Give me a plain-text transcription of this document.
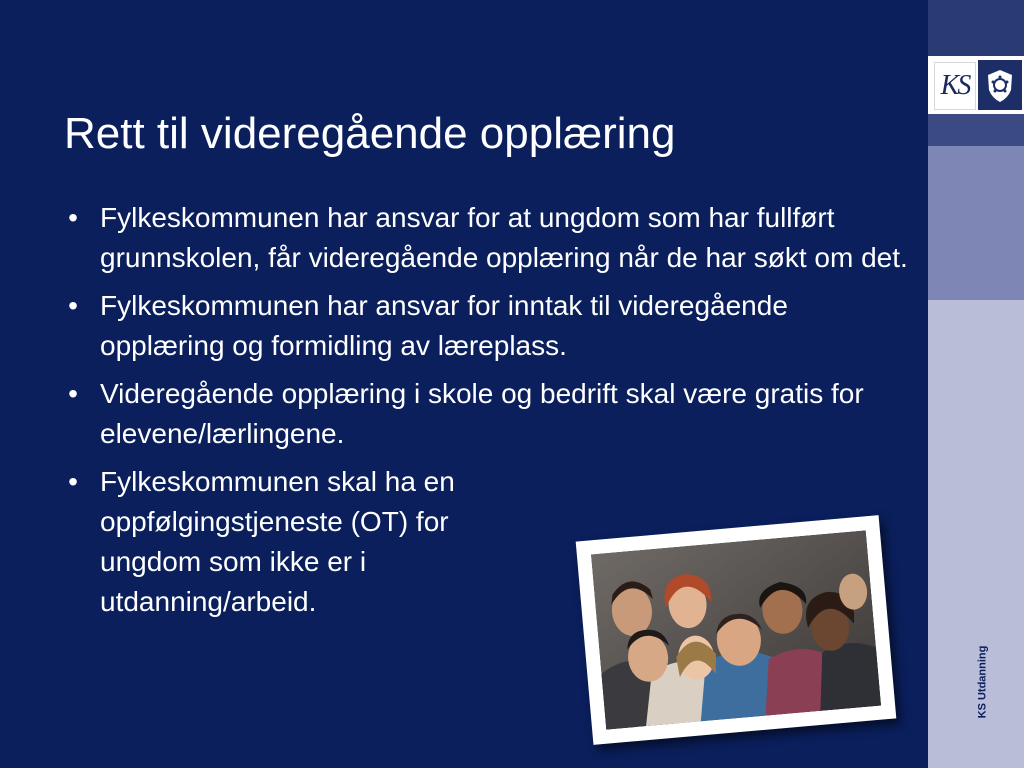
Rett til videregående opplæring
• Fylkeskommunen har ansvar for at ungdom som har fullført grunnskolen, får videregående opplæring når de har søkt om det.
• Fylkeskommunen har ansvar for inntak til videregående opplæring og formidling av læreplass.
• Videregående opplæring i skole og bedrift skal være gratis for elevene/lærlingene.
• Fylkeskommunen skal ha en oppfølgingstjeneste (OT) for ungdom som ikke er i utdanning/arbeid.
KS
KS Utdanning
